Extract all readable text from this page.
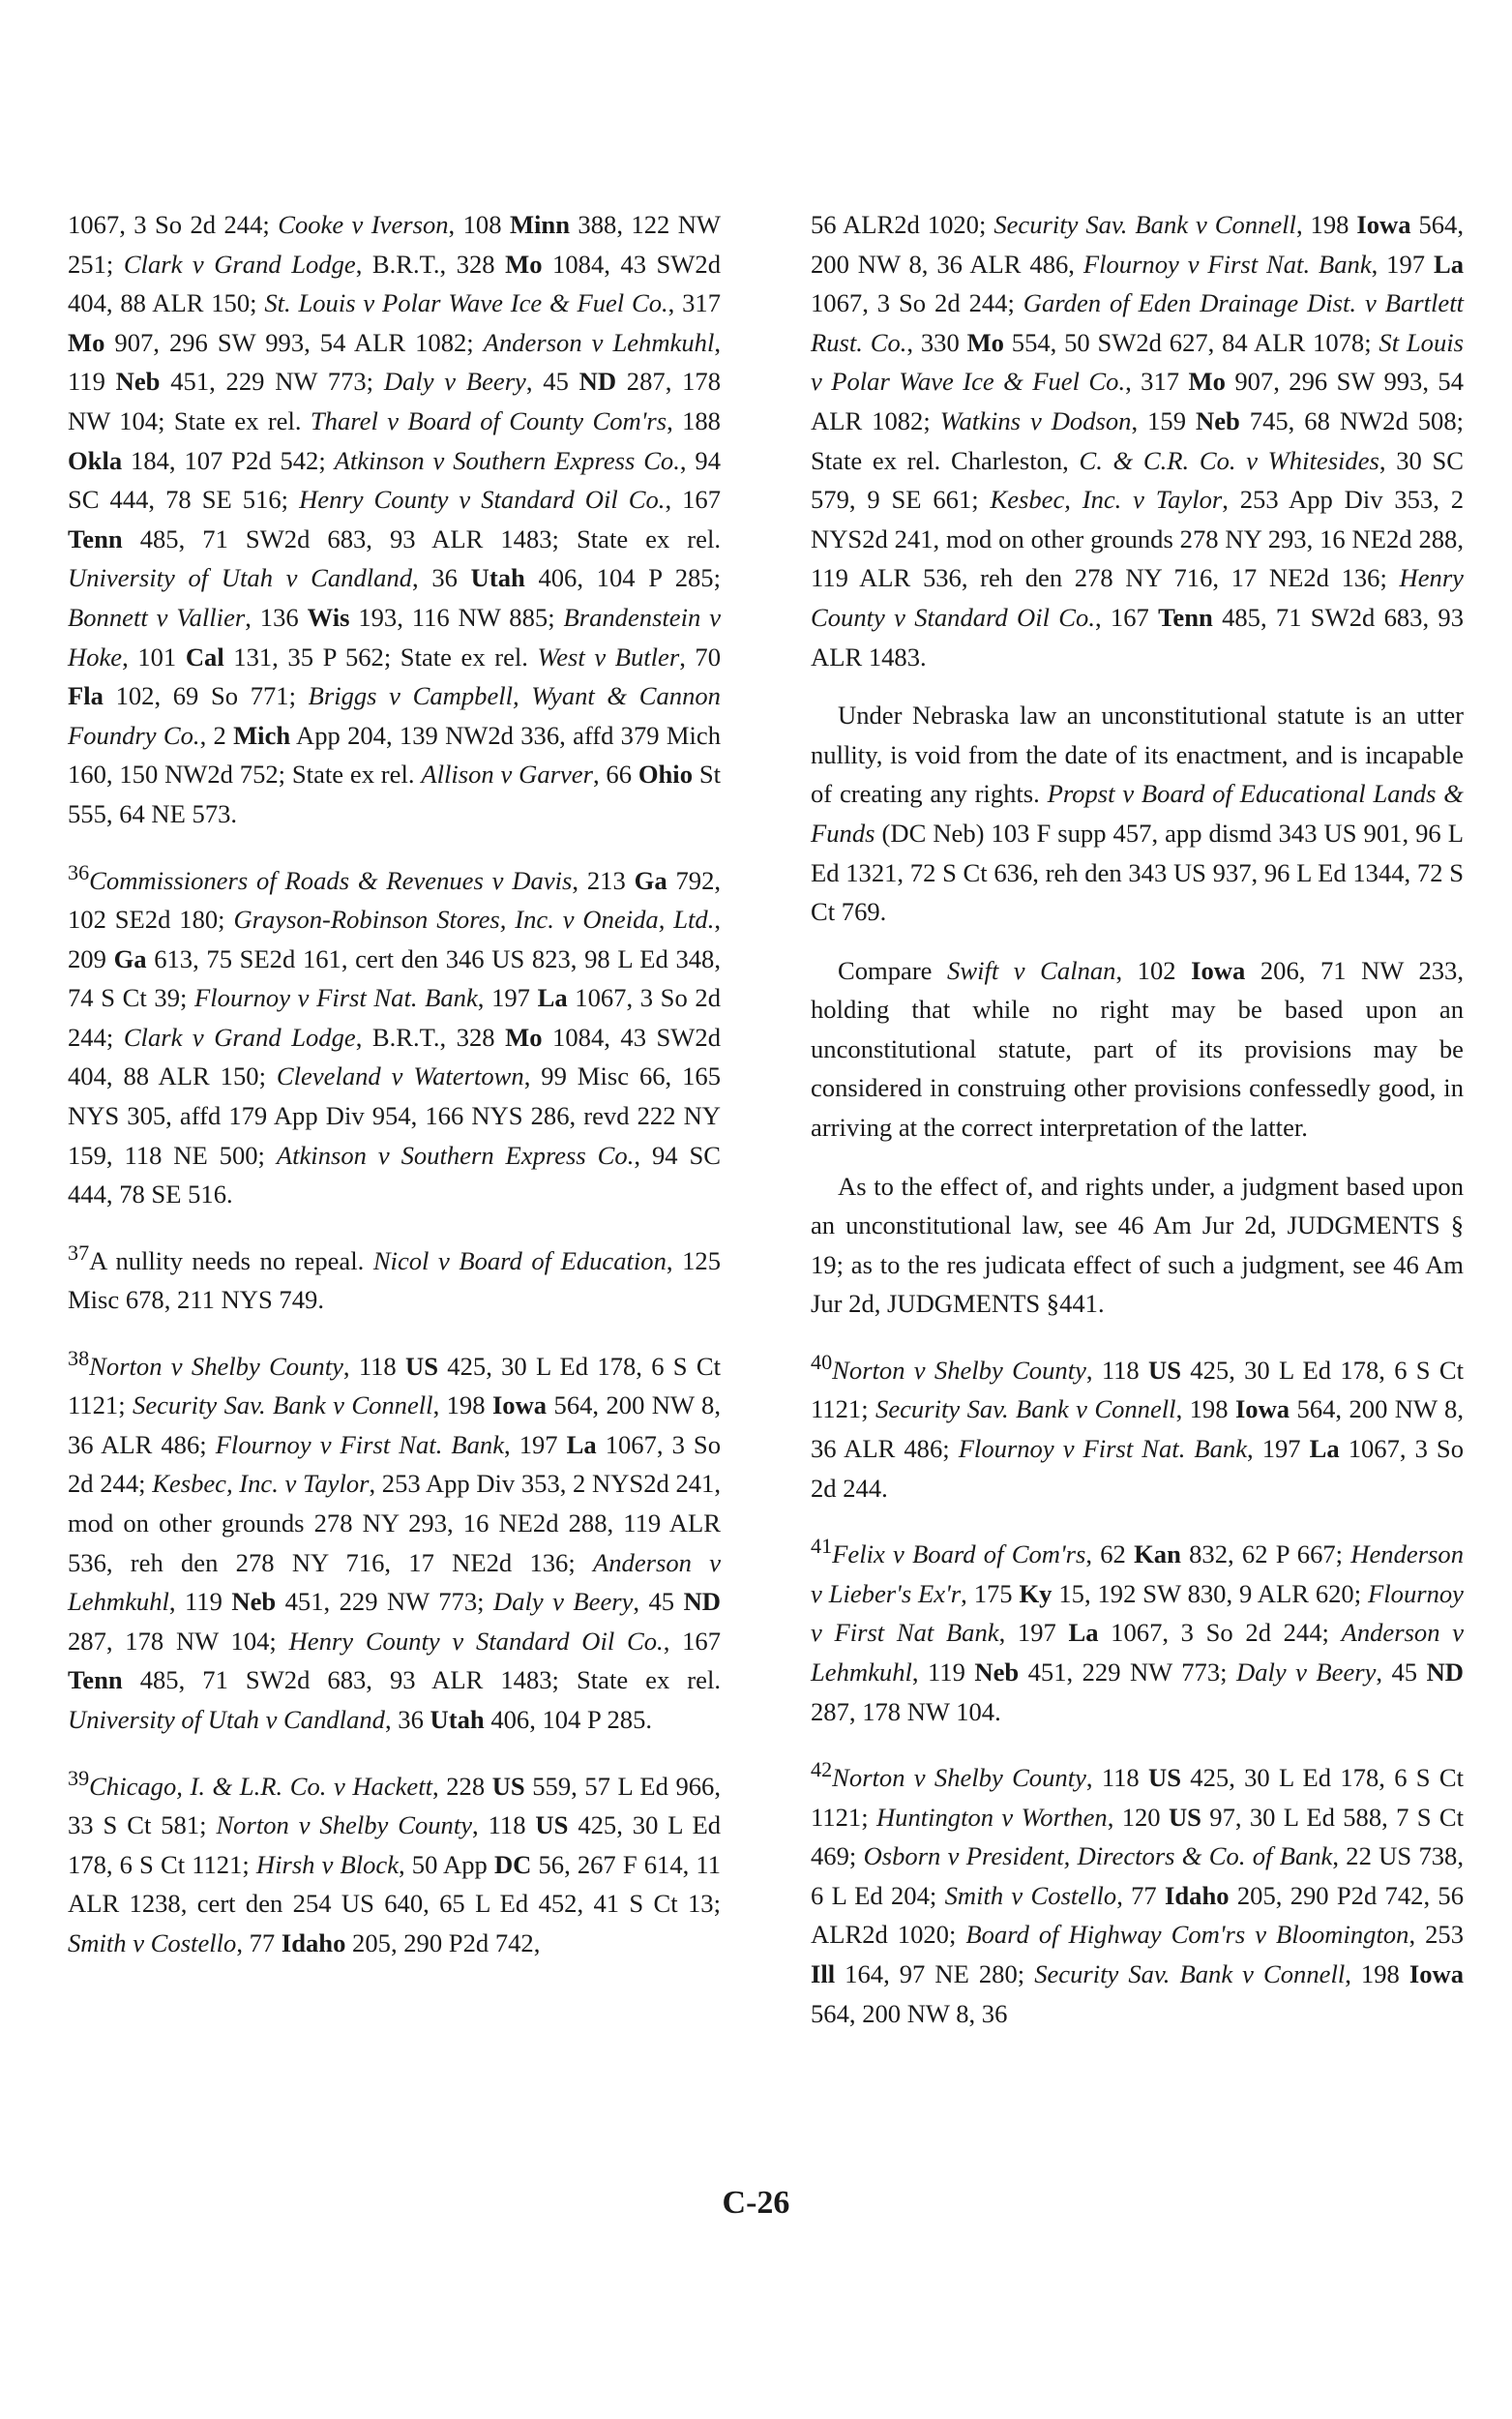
1067, 3 So 2d 244; Cooke v Iverson, 108 Minn 388, 122 NW 251; Clark v Grand Lodge, B.R.T., 328 Mo 1084, 43 SW2d 404, 88 ALR 150; St. Louis v Polar Wave Ice & Fuel Co., 317 Mo 907, 296 SW 993, 54 ALR 1082; Anderson v Lehmkuhl, 119 Neb 451, 229 NW 773; Daly v Beery, 45 ND 287, 178 NW 104; State ex rel. Tharel v Board of County Com'rs, 188 Okla 184, 107 P2d 542; Atkinson v Southern Express Co., 94 SC 444, 78 SE 516; Henry County v Standard Oil Co., 167 Tenn 485, 71 SW2d 683, 93 ALR 1483; State ex rel. University of Utah v Candland, 36 Utah 406, 104 P 285; Bonnett v Vallier, 136 Wis 193, 116 NW 885; Brandenstein v Hoke, 101 Cal 131, 35 P 562; State ex rel. West v Butler, 70 Fla 102, 69 So 771; Briggs v Campbell, Wyant & Cannon Foundry Co., 2 Mich App 204, 139 NW2d 336, affd 379 Mich 160, 150 NW2d 752; State ex rel. Allison v Garver, 66 Ohio St 555, 64 NE 573.

$^{36}$Commissioners of Roads & Revenues v Davis, 213 Ga 792, 102 SE2d 180; Grayson-Robinson Stores, Inc. v Oneida, Ltd., 209 Ga 613, 75 SE2d 161, cert den 346 US 823, 98 L Ed 348, 74 S Ct 39; Flournoy v First Nat. Bank, 197 La 1067, 3 So 2d 244; Clark v Grand Lodge, B.R.T., 328 Mo 1084, 43 SW2d 404, 88 ALR 150; Cleveland v Watertown, 99 Misc 66, 165 NYS 305, affd 179 App Div 954, 166 NYS 286, revd 222 NY 159, 118 NE 500; Atkinson v Southern Express Co., 94 SC 444, 78 SE 516.

$^{37}$A nullity needs no repeal. Nicol v Board of Education, 125 Misc 678, 211 NYS 749.

$^{38}$Norton v Shelby County, 118 US 425, 30 L Ed 178, 6 S Ct 1121; Security Sav. Bank v Connell, 198 Iowa 564, 200 NW 8, 36 ALR 486; Flournoy v First Nat. Bank, 197 La 1067, 3 So 2d 244; Kesbec, Inc. v Taylor, 253 App Div 353, 2 NYS2d 241, mod on other grounds 278 NY 293, 16 NE2d 288, 119 ALR 536, reh den 278 NY 716, 17 NE2d 136; Anderson v Lehmkuhl, 119 Neb 451, 229 NW 773; Daly v Beery, 45 ND 287, 178 NW 104; Henry County v Standard Oil Co., 167 Tenn 485, 71 SW2d 683, 93 ALR 1483; State ex rel. University of Utah v Candland, 36 Utah 406, 104 P 285.

$^{39}$Chicago, I. & L.R. Co. v Hackett, 228 US 559, 57 L Ed 966, 33 S Ct 581; Norton v Shelby County, 118 US 425, 30 L Ed 178, 6 S Ct 1121; Hirsh v Block, 50 App DC 56, 267 F 614, 11 ALR 1238, cert den 254 US 640, 65 L Ed 452, 41 S Ct 13; Smith v Costello, 77 Idaho 205, 290 P2d 742,

56 ALR2d 1020; Security Sav. Bank v Connell, 198 Iowa 564, 200 NW 8, 36 ALR 486, Flournoy v First Nat. Bank, 197 La 1067, 3 So 2d 244; Garden of Eden Drainage Dist. v Bartlett Rust. Co., 330 Mo 554, 50 SW2d 627, 84 ALR 1078; St Louis v Polar Wave Ice & Fuel Co., 317 Mo 907, 296 SW 993, 54 ALR 1082; Watkins v Dodson, 159 Neb 745, 68 NW2d 508; State ex rel. Charleston, C. & C.R. Co. v Whitesides, 30 SC 579, 9 SE 661; Kesbec, Inc. v Taylor, 253 App Div 353, 2 NYS2d 241, mod on other grounds 278 NY 293, 16 NE2d 288, 119 ALR 536, reh den 278 NY 716, 17 NE2d 136; Henry County v Standard Oil Co., 167 Tenn 485, 71 SW2d 683, 93 ALR 1483.

Under Nebraska law an unconstitutional statute is an utter nullity, is void from the date of its enactment, and is incapable of creating any rights. Propst v Board of Educational Lands & Funds (DC Neb) 103 F supp 457, app dismd 343 US 901, 96 L Ed 1321, 72 S Ct 636, reh den 343 US 937, 96 L Ed 1344, 72 S Ct 769.

Compare Swift v Calnan, 102 Iowa 206, 71 NW 233, holding that while no right may be based upon an unconstitutional statute, part of its provisions may be considered in construing other provisions confessedly good, in arriving at the correct interpretation of the latter.

As to the effect of, and rights under, a judgment based upon an unconstitutional law, see 46 Am Jur 2d, JUDGMENTS § 19; as to the res judicata effect of such a judgment, see 46 Am Jur 2d, JUDGMENTS §441.

$^{40}$Norton v Shelby County, 118 US 425, 30 L Ed 178, 6 S Ct 1121; Security Sav. Bank v Connell, 198 Iowa 564, 200 NW 8, 36 ALR 486; Flournoy v First Nat. Bank, 197 La 1067, 3 So 2d 244.

$^{41}$Felix v Board of Com'rs, 62 Kan 832, 62 P 667; Henderson v Lieber's Ex'r, 175 Ky 15, 192 SW 830, 9 ALR 620; Flournoy v First Nat Bank, 197 La 1067, 3 So 2d 244; Anderson v Lehmkuhl, 119 Neb 451, 229 NW 773; Daly v Beery, 45 ND 287, 178 NW 104.

$^{42}$Norton v Shelby County, 118 US 425, 30 L Ed 178, 6 S Ct 1121; Huntington v Worthen, 120 US 97, 30 L Ed 588, 7 S Ct 469; Osborn v President, Directors & Co. of Bank, 22 US 738, 6 L Ed 204; Smith v Costello, 77 Idaho 205, 290 P2d 742, 56 ALR2d 1020; Board of Highway Com'rs v Bloomington, 253 Ill 164, 97 NE 280; Security Sav. Bank v Connell, 198 Iowa 564, 200 NW 8, 36

C-26
